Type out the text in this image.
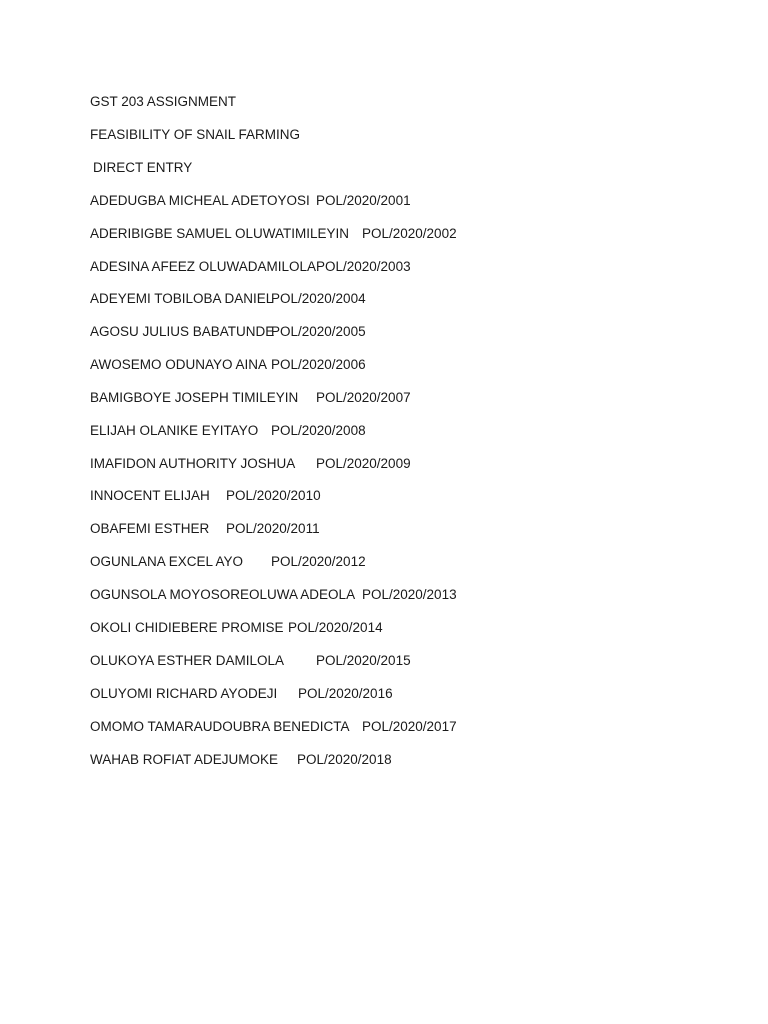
GST 203 ASSIGNMENT
FEASIBILITY OF SNAIL FARMING
DIRECT ENTRY
ADEDUGBA MICHEAL ADETOYOSI POL/2020/2001
ADERIBIGBE SAMUEL OLUWATIMILEYIN POL/2020/2002
ADESINA AFEEZ OLUWADAMILOLA POL/2020/2003
ADEYEMI TOBILOBA DANIEL
POL/2020/2004
AGOSU JULIUS BABATUNDE
POL/2020/2005
AWOSEMO ODUNAYO AINA POL/2020/2006
BAMIGBOYE JOSEPH TIMILEYIN POL/2020/2007
ELIJAH OLANIKE EYITAYO POL/2020/2008
IMAFIDON AUTHORITY JOSHUA POL/2020/2009
INNOCENT ELIJAH POL/2020/2010
OBAFEMI ESTHER POL/2020/2011
OGUNLANA EXCEL AYO POL/2020/2012
OGUNSOLA MOYOSOREOLUWA ADEOLA POL/2020/2013
OKOLI CHIDIEBERE PROMISE POL/2020/2014
OLUKOYA ESTHER DAMILOLA POL/2020/2015
OLUYOMI RICHARD AYODEJI POL/2020/2016
OMOMO TAMARAUDOUBRA BENEDICTA POL/2020/2017
WAHAB ROFIAT ADEJUMOKE POL/2020/2018
